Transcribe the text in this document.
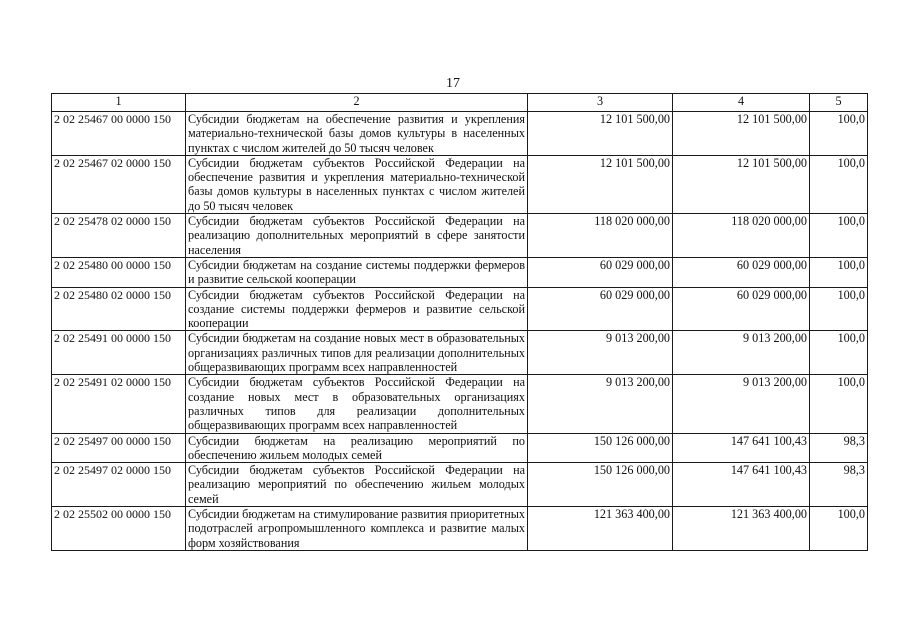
17
1	2	3	4	5
2 02 25467 00 0000 150	Субсидии бюджетам на обеспечение развития и укрепления материально-технической базы домов культуры в населенных пунктах с числом жителей до 50 тысяч человек	12 101 500,00	12 101 500,00	100,0
2 02 25467 02 0000 150	Субсидии бюджетам субъектов Российской Федерации на обеспечение развития и укрепления материально-технической базы домов культуры в населенных пунктах с числом жителей до 50 тысяч человек	12 101 500,00	12 101 500,00	100,0
2 02 25478 02 0000 150	Субсидии бюджетам субъектов Российской Федерации на реализацию дополнительных мероприятий в сфере занятости населения	118 020 000,00	118 020 000,00	100,0
2 02 25480 00 0000 150	Субсидии бюджетам на создание системы поддержки фермеров и развитие сельской кооперации	60 029 000,00	60 029 000,00	100,0
2 02 25480 02 0000 150	Субсидии бюджетам субъектов Российской Федерации на создание системы поддержки фермеров и развитие сельской кооперации	60 029 000,00	60 029 000,00	100,0
2 02 25491 00 0000 150	Субсидии бюджетам на создание новых мест в образовательных организациях различных типов для реализации дополнительных общеразвивающих программ всех направленностей	9 013 200,00	9 013 200,00	100,0
2 02 25491 02 0000 150	Субсидии бюджетам субъектов Российской Федерации на создание новых мест в образовательных организациях различных типов для реализации дополнительных общеразвивающих программ всех направленностей	9 013 200,00	9 013 200,00	100,0
2 02 25497 00 0000 150	Субсидии бюджетам на реализацию мероприятий по обеспечению жильем молодых семей	150 126 000,00	147 641 100,43	98,3
2 02 25497 02 0000 150	Субсидии бюджетам субъектов Российской Федерации на реализацию мероприятий по обеспечению жильем молодых семей	150 126 000,00	147 641 100,43	98,3
2 02 25502 00 0000 150	Субсидии бюджетам на стимулирование развития приоритетных подотраслей агропромышленного комплекса и развитие малых форм хозяйствования	121 363 400,00	121 363 400,00	100,0
